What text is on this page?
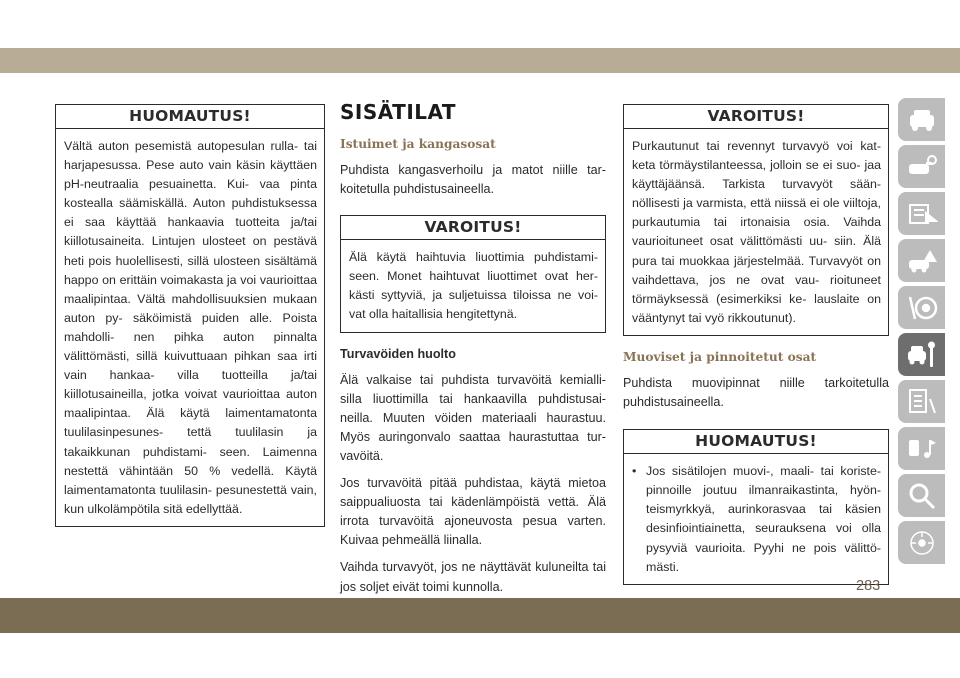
HUOMAUTUS!
Vältä auton pesemistä autopesulan rulla- tai harjapesussa. Pese auto vain käsin käyttäen pH-neutraalia pesuainetta. Kui- vaa pinta kostealla säämiskällä. Auton puhdistuksessa ei saa käyttää hankaavia tuotteita ja/tai kiillotusaineita. Lintujen ulosteet on pestävä heti pois huolellisesti, sillä ulosteen sisältämä happo on erittäin voimakasta ja voi vaurioittaa maalipintaa. Vältä mahdollisuuksien mukaan auton py- säköimistä puiden alle. Poista mahdolli- nen pihka auton pinnalta välittömästi, sillä kuivuttuaan pihkan saa irti vain hankaa- villa tuotteilla ja/tai kiillotusaineilla, jotka voivat vaurioittaa auton maalipintaa. Älä käytä laimentamatonta tuulilasinpesunes- tettä tuulilasin ja takaikkunan puhdistami- seen. Laimenna nestettä vähintään 50 % vedellä. Käytä laimentamatonta tuulilasin- pesunestettä vain, kun ulkolämpötila sitä edellyttää.
SISÄTILAT
Istuimet ja kangasosat

Puhdista kangasverhoilu ja matot niille tar- koitetulla puhdistusaineella.

VAROITUS!
Älä käytä haihtuvia liuottimia puhdistami- seen. Monet haihtuvat liuottimet ovat her- kästi syttyviä, ja suljetuissa tiloissa ne voi- vat olla haitallisia hengitettynä.
Turvavöiden huolto

Älä valkaise tai puhdista turvavöitä kemialli- silla liuottimilla tai hankaavilla puhdistusai- neilla. Muuten vöiden materiaali haurastuu. Myös auringonvalo saattaa haurastuttaa tur- vavöitä.

Jos turvavöitä pitää puhdistaa, käytä mietoa saippualiuosta tai kädenlämpöistä vettä. Älä irrota turvavöitä ajoneuvosta pesua varten. Kuivaa pehmeällä liinalla.

Vaihda turvavyöt, jos ne näyttävät kuluneilta tai jos soljet eivät toimi kunnolla.

VAROITUS!
Purkautunut tai revennyt turvavyö voi kat- keta törmäystilanteessa, jolloin se ei suo- jaa käyttäjäänsä. Tarkista turvavyöt sään- nöllisesti ja varmista, että niissä ei ole viiltoja, purkautumia tai irtonaisia osia. Vaihda vaurioituneet osat välittömästi uu- siin. Älä pura tai muokkaa järjestelmää. Turvavyöt on vaihdettava, jos ne ovat vau- rioituneet törmäyksessä (esimerkiksi ke- lauslaite on vääntynyt tai vyö rikkoutunut).
Muoviset ja pinnoitetut osat

Puhdista muovipinnat niille tarkoitetulla puhdistusaineella.

HUOMAUTUS!
• Jos sisätilojen muovi-, maali- tai koriste- pinnoille joutuu ilmanraikastinta, hyön- teismyrkkyä, aurinkorasvaa tai käsien desinfiointiainetta, seurauksena voi olla pysyviä vaurioita. Pyyhi ne pois välittö- mästi.
283
